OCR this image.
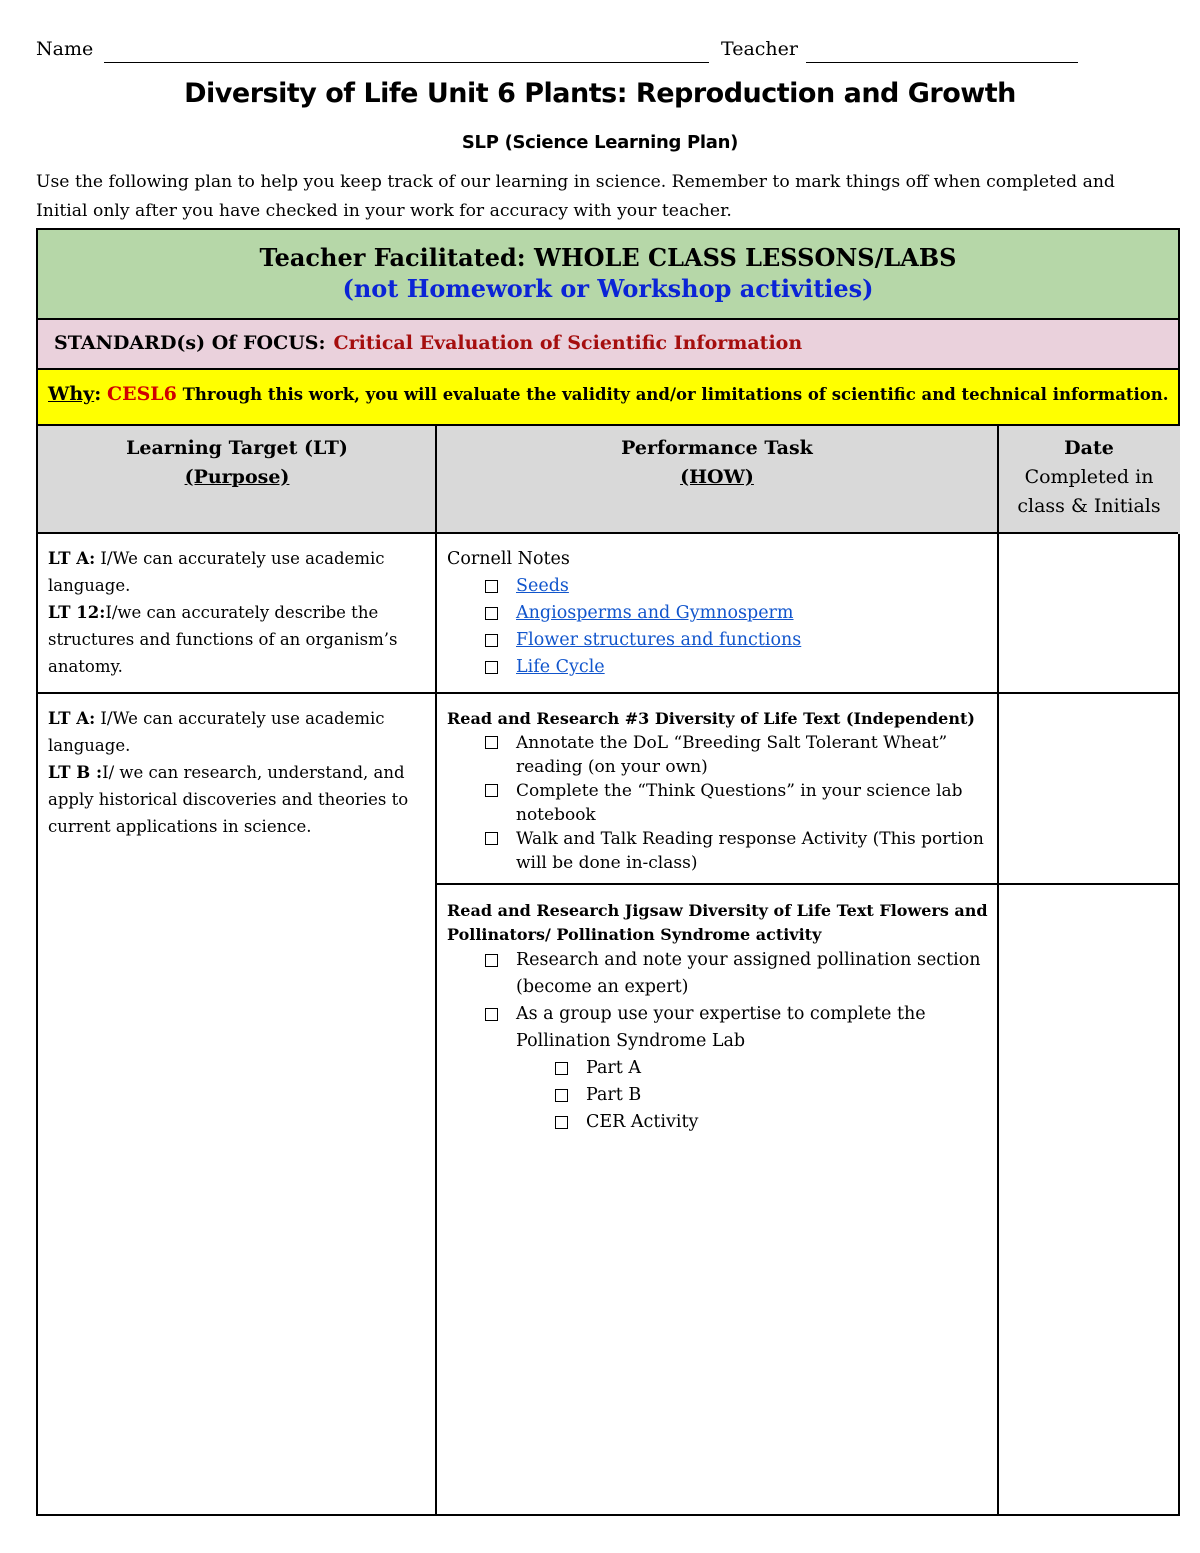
Name	Teacher
Diversity of Life Unit 6 Plants: Reproduction and Growth
SLP (Science Learning Plan)
Use the following plan to help you keep track of our learning in science. Remember to mark things off when completed and Initial only after you have checked in your work for accuracy with your teacher.
Teacher Facilitated: WHOLE CLASS LESSONS/LABS
(not Homework or Workshop activities)
STANDARD(s) Of FOCUS: Critical Evaluation of Scientific Information
Why: CESL6 Through this work, you will evaluate the validity and/or limitations of scientific and technical information.
Learning Target (LT)
(Purpose)
Performance Task
(HOW)
Date
Completed in
class & Initials
LT A: I/We can accurately use academic language.
LT 12:I/we can accurately describe the structures and functions of an organism’s anatomy.
Cornell Notes
Seeds
Angiosperms and Gymnosperm
Flower structures and functions
Life Cycle
LT A: I/We can accurately use academic language.
LT B :I/ we can research, understand, and apply historical discoveries and theories to current applications in science.
Read and Research #3 Diversity of Life Text (Independent)
Annotate the DoL “Breeding Salt Tolerant Wheat” reading (on your own)
Complete the “Think Questions” in your science lab notebook
Walk and Talk Reading response Activity (This portion will be done in-class)
Read and Research Jigsaw Diversity of Life Text Flowers and Pollinators/ Pollination Syndrome activity
Research and note your assigned pollination section (become an expert)
As a group use your expertise to complete the Pollination Syndrome Lab
Part A
Part B
CER Activity
